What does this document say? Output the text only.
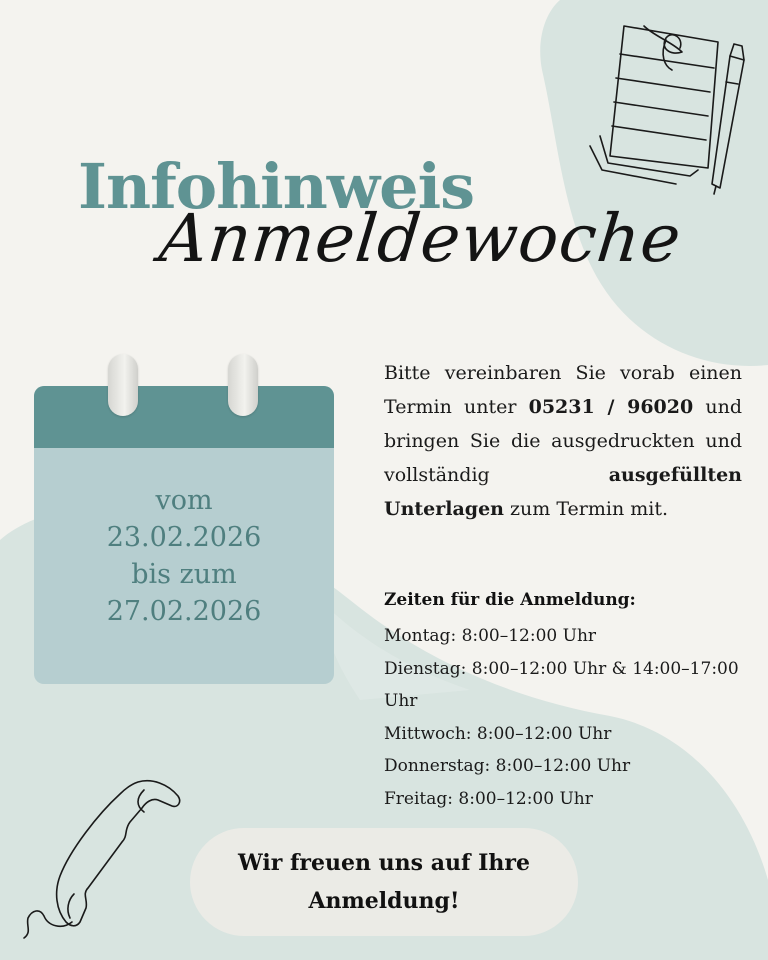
Infohinweis
Anmeldewoche
vom
23.02.2026
bis zum
27.02.2026

Bitte vereinbaren Sie vorab einen Termin unter 05231 / 96020 und bringen Sie die ausgedruckten und vollständig ausgefüllten Unterlagen zum Termin mit.

Zeiten für die Anmeldung:
Montag: 8:00–12:00 Uhr
Dienstag: 8:00–12:00 Uhr & 14:00–17:00 Uhr
Mittwoch: 8:00–12:00 Uhr
Donnerstag: 8:00–12:00 Uhr
Freitag: 8:00–12:00 Uhr
Wir freuen uns auf Ihre Anmeldung!
